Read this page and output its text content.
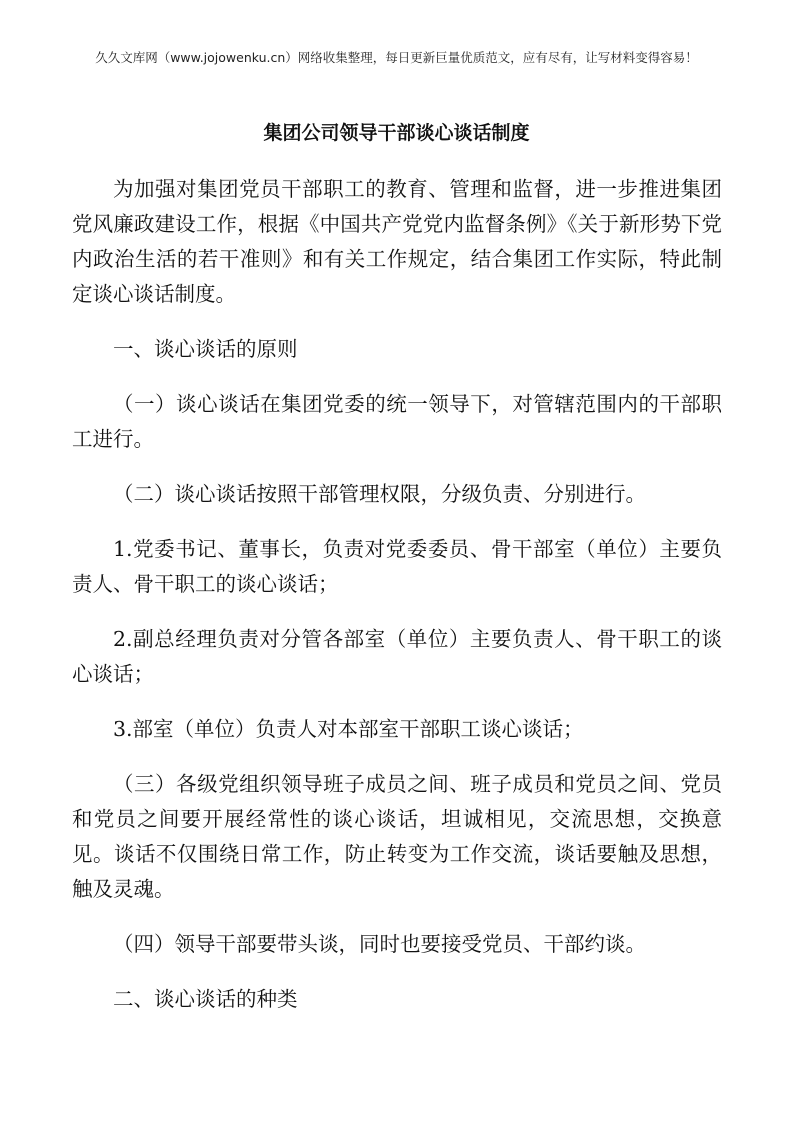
久久文库网（www.jojowenku.cn）网络收集整理，每日更新巨量优质范文，应有尽有，让写材料变得容易！
集团公司领导干部谈心谈话制度

为加强对集团党员干部职工的教育、管理和监督，进一步推进集团党风廉政建设工作，根据《中国共产党党内监督条例》《关于新形势下党内政治生活的若干准则》和有关工作规定，结合集团工作实际，特此制定谈心谈话制度。

一、谈心谈话的原则

（一）谈心谈话在集团党委的统一领导下，对管辖范围内的干部职工进行。

（二）谈心谈话按照干部管理权限，分级负责、分别进行。

1.党委书记、董事长，负责对党委委员、骨干部室（单位）主要负责人、骨干职工的谈心谈话；

2.副总经理负责对分管各部室（单位）主要负责人、骨干职工的谈心谈话；

3.部室（单位）负责人对本部室干部职工谈心谈话；

（三）各级党组织领导班子成员之间、班子成员和党员之间、党员和党员之间要开展经常性的谈心谈话，坦诚相见，交流思想，交换意见。谈话不仅围绕日常工作，防止转变为工作交流，谈话要触及思想，触及灵魂。

（四）领导干部要带头谈，同时也要接受党员、干部约谈。

二、谈心谈话的种类
